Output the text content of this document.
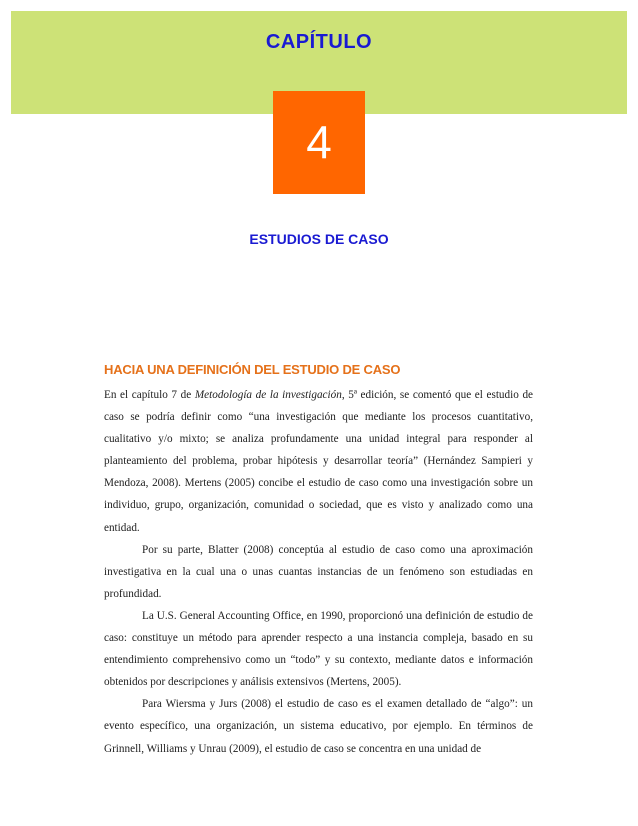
CAPÍTULO
4
ESTUDIOS DE CASO
HACIA UNA DEFINICIÓN DEL ESTUDIO DE CASO

En el capítulo 7 de Metodología de la investigación, 5ª edición, se comentó que el estudio de caso se podría definir como “una investigación que mediante los procesos cuantitativo, cualitativo y/o mixto; se analiza profundamente una unidad integral para responder al planteamiento del problema, probar hipótesis y desarrollar teoría” (Hernández Sampieri y Mendoza, 2008). Mertens (2005) concibe el estudio de caso como una investigación sobre un individuo, grupo, organización, comunidad o sociedad, que es visto y analizado como una entidad.

Por su parte, Blatter (2008) conceptúa al estudio de caso como una aproximación investigativa en la cual una o unas cuantas instancias de un fenómeno son estudiadas en profundidad.

La U.S. General Accounting Office, en 1990, proporcionó una definición de estudio de caso: constituye un método para aprender respecto a una instancia compleja, basado en su entendimiento comprehensivo como un “todo” y su contexto, mediante datos e información obtenidos por descripciones y análisis extensivos (Mertens, 2005).

Para Wiersma y Jurs (2008) el estudio de caso es el examen detallado de “algo”: un evento específico, una organización, un sistema educativo, por ejemplo. En términos de Grinnell, Williams y Unrau (2009), el estudio de caso se concentra en una unidad de
